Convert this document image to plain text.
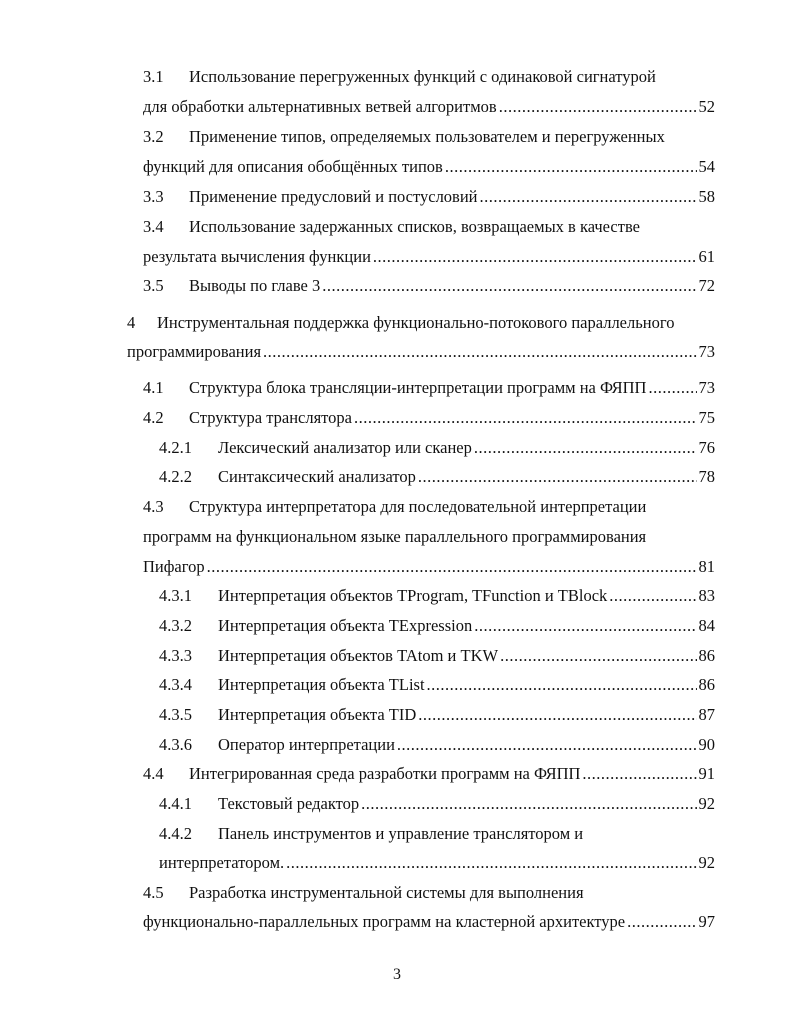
3.1 Использование перегруженных функций с одинаковой сигнатурой
для обработки альтернативных ветвей алгоритмов .....	52
3.2 Применение типов, определяемых пользователем и перегруженных
функций для описания обобщённых типов .....	54
3.3 Применение предусловий и постусловий .....	58
3.4 Использование задержанных списков, возвращаемых в качестве
результата вычисления функции .....	61
3.5 Выводы по главе 3 .....	72
4 Инструментальная поддержка функционально-потокового параллельного
программирования .....	73
4.1 Структура блока трансляции-интерпретации программ на ФЯПП .....	73
4.2 Структура транслятора .....	75
4.2.1 Лексический анализатор или сканер .....	76
4.2.2 Синтаксический анализатор .....	78
4.3 Структура интерпретатора для последовательной интерпретации
программ на функциональном языке параллельного программирования
Пифагор .....	81
4.3.1 Интерпретация объектов TProgram, TFunction и TBlock .....	83
4.3.2 Интерпретация объекта TExpression .....	84
4.3.3 Интерпретация объектов TAtom и TKW .....	86
4.3.4 Интерпретация объекта TList .....	86
4.3.5 Интерпретация объекта TID .....	87
4.3.6 Оператор интерпретации .....	90
4.4 Интегрированная среда разработки программ на ФЯПП .....	91
4.4.1 Текстовый редактор .....	92
4.4.2 Панель инструментов и управление транслятором и
интерпретатором. .....	92
4.5 Разработка инструментальной системы для выполнения
функционально-параллельных программ на кластерной архитектуре .....	97
3
